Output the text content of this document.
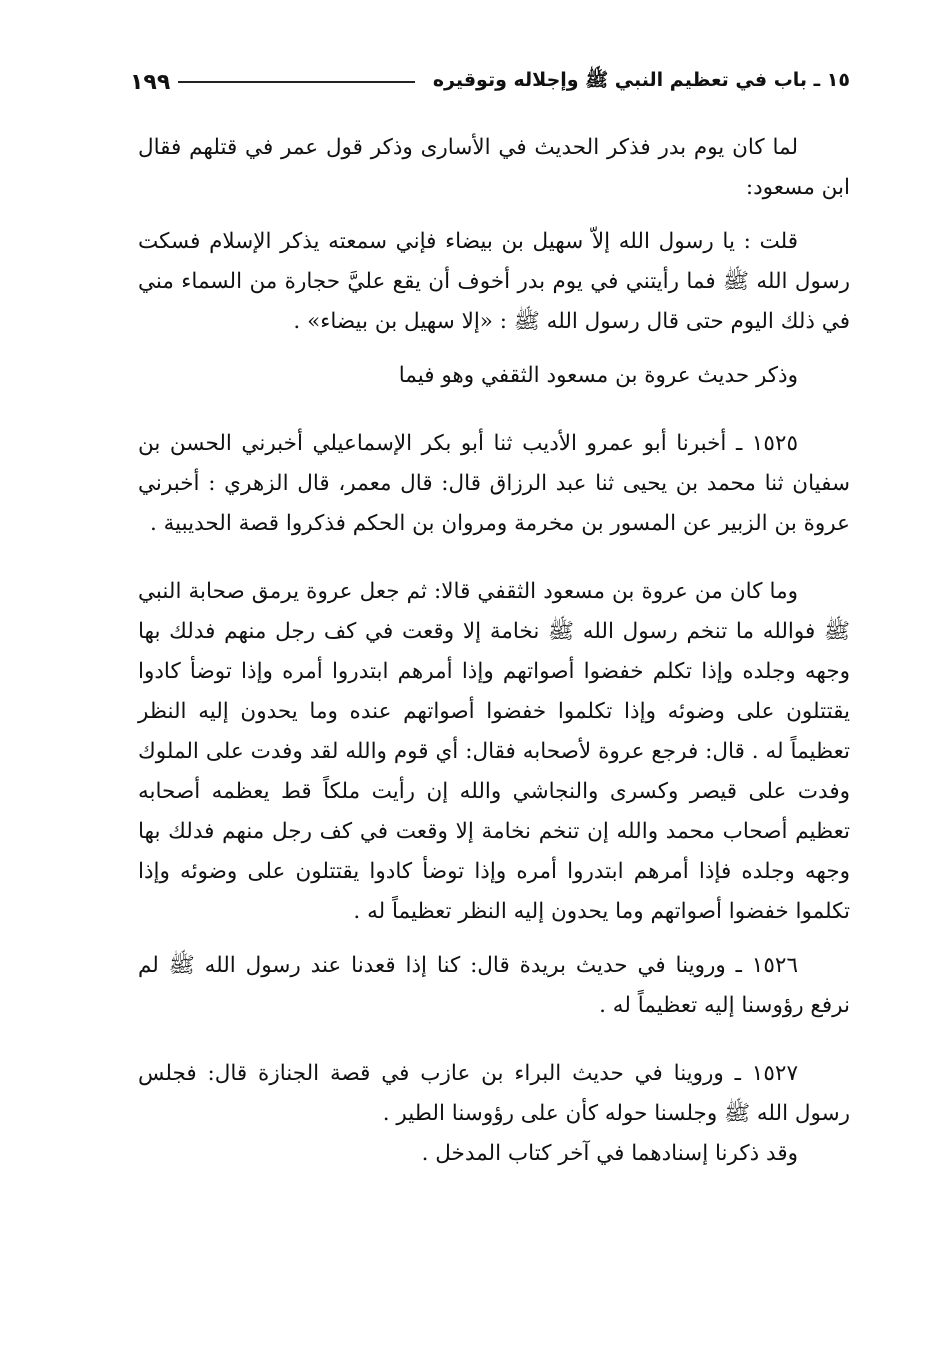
١٥ ـ باب في تعظيم النبي ﷺ وإجلاله وتوقيره
١٩٩

لما كان يوم بدر فذكر الحديث في الأسارى وذكر قول عمر في قتلهم فقال ابن مسعود:

قلت : يا رسول الله إلاّ سهيل بن بيضاء فإني سمعته يذكر الإسلام فسكت رسول الله ﷺ فما رأيتني في يوم بدر أخوف أن يقع عليَّ حجارة من السماء مني في ذلك اليوم حتى قال رسول الله ﷺ : «إلا سهيل بن بيضاء» .

وذكر حديث عروة بن مسعود الثقفي وهو فيما

١٥٢٥ ـ أخبرنا أبو عمرو الأديب ثنا أبو بكر الإسماعيلي أخبرني الحسن بن سفيان ثنا محمد بن يحيى ثنا عبد الرزاق قال: قال معمر، قال الزهري : أخبرني عروة بن الزبير عن المسور بن مخرمة ومروان بن الحكم فذكروا قصة الحديبية .

وما كان من عروة بن مسعود الثقفي قالا: ثم جعل عروة يرمق صحابة النبي ﷺ فوالله ما تنخم رسول الله ﷺ نخامة إلا وقعت في كف رجل منهم فدلك بها وجهه وجلده وإذا تكلم خفضوا أصواتهم وإذا أمرهم ابتدروا أمره وإذا توضأ كادوا يقتتلون على وضوئه وإذا تكلموا خفضوا أصواتهم عنده وما يحدون إليه النظر تعظيماً له . قال: فرجع عروة لأصحابه فقال: أي قوم والله لقد وفدت على الملوك وفدت على قيصر وكسرى والنجاشي والله إن رأيت ملكاً قط يعظمه أصحابه تعظيم أصحاب محمد والله إن تنخم نخامة إلا وقعت في كف رجل منهم فدلك بها وجهه وجلده فإذا أمرهم ابتدروا أمره وإذا توضأ كادوا يقتتلون على وضوئه وإذا تكلموا خفضوا أصواتهم وما يحدون إليه النظر تعظيماً له .

١٥٢٦ ـ وروينا في حديث بريدة قال: كنا إذا قعدنا عند رسول الله ﷺ لم نرفع رؤوسنا إليه تعظيماً له .

١٥٢٧ ـ وروينا في حديث البراء بن عازب في قصة الجنازة قال: فجلس رسول الله ﷺ وجلسنا حوله كأن على رؤوسنا الطير .

وقد ذكرنا إسنادهما في آخر كتاب المدخل .
